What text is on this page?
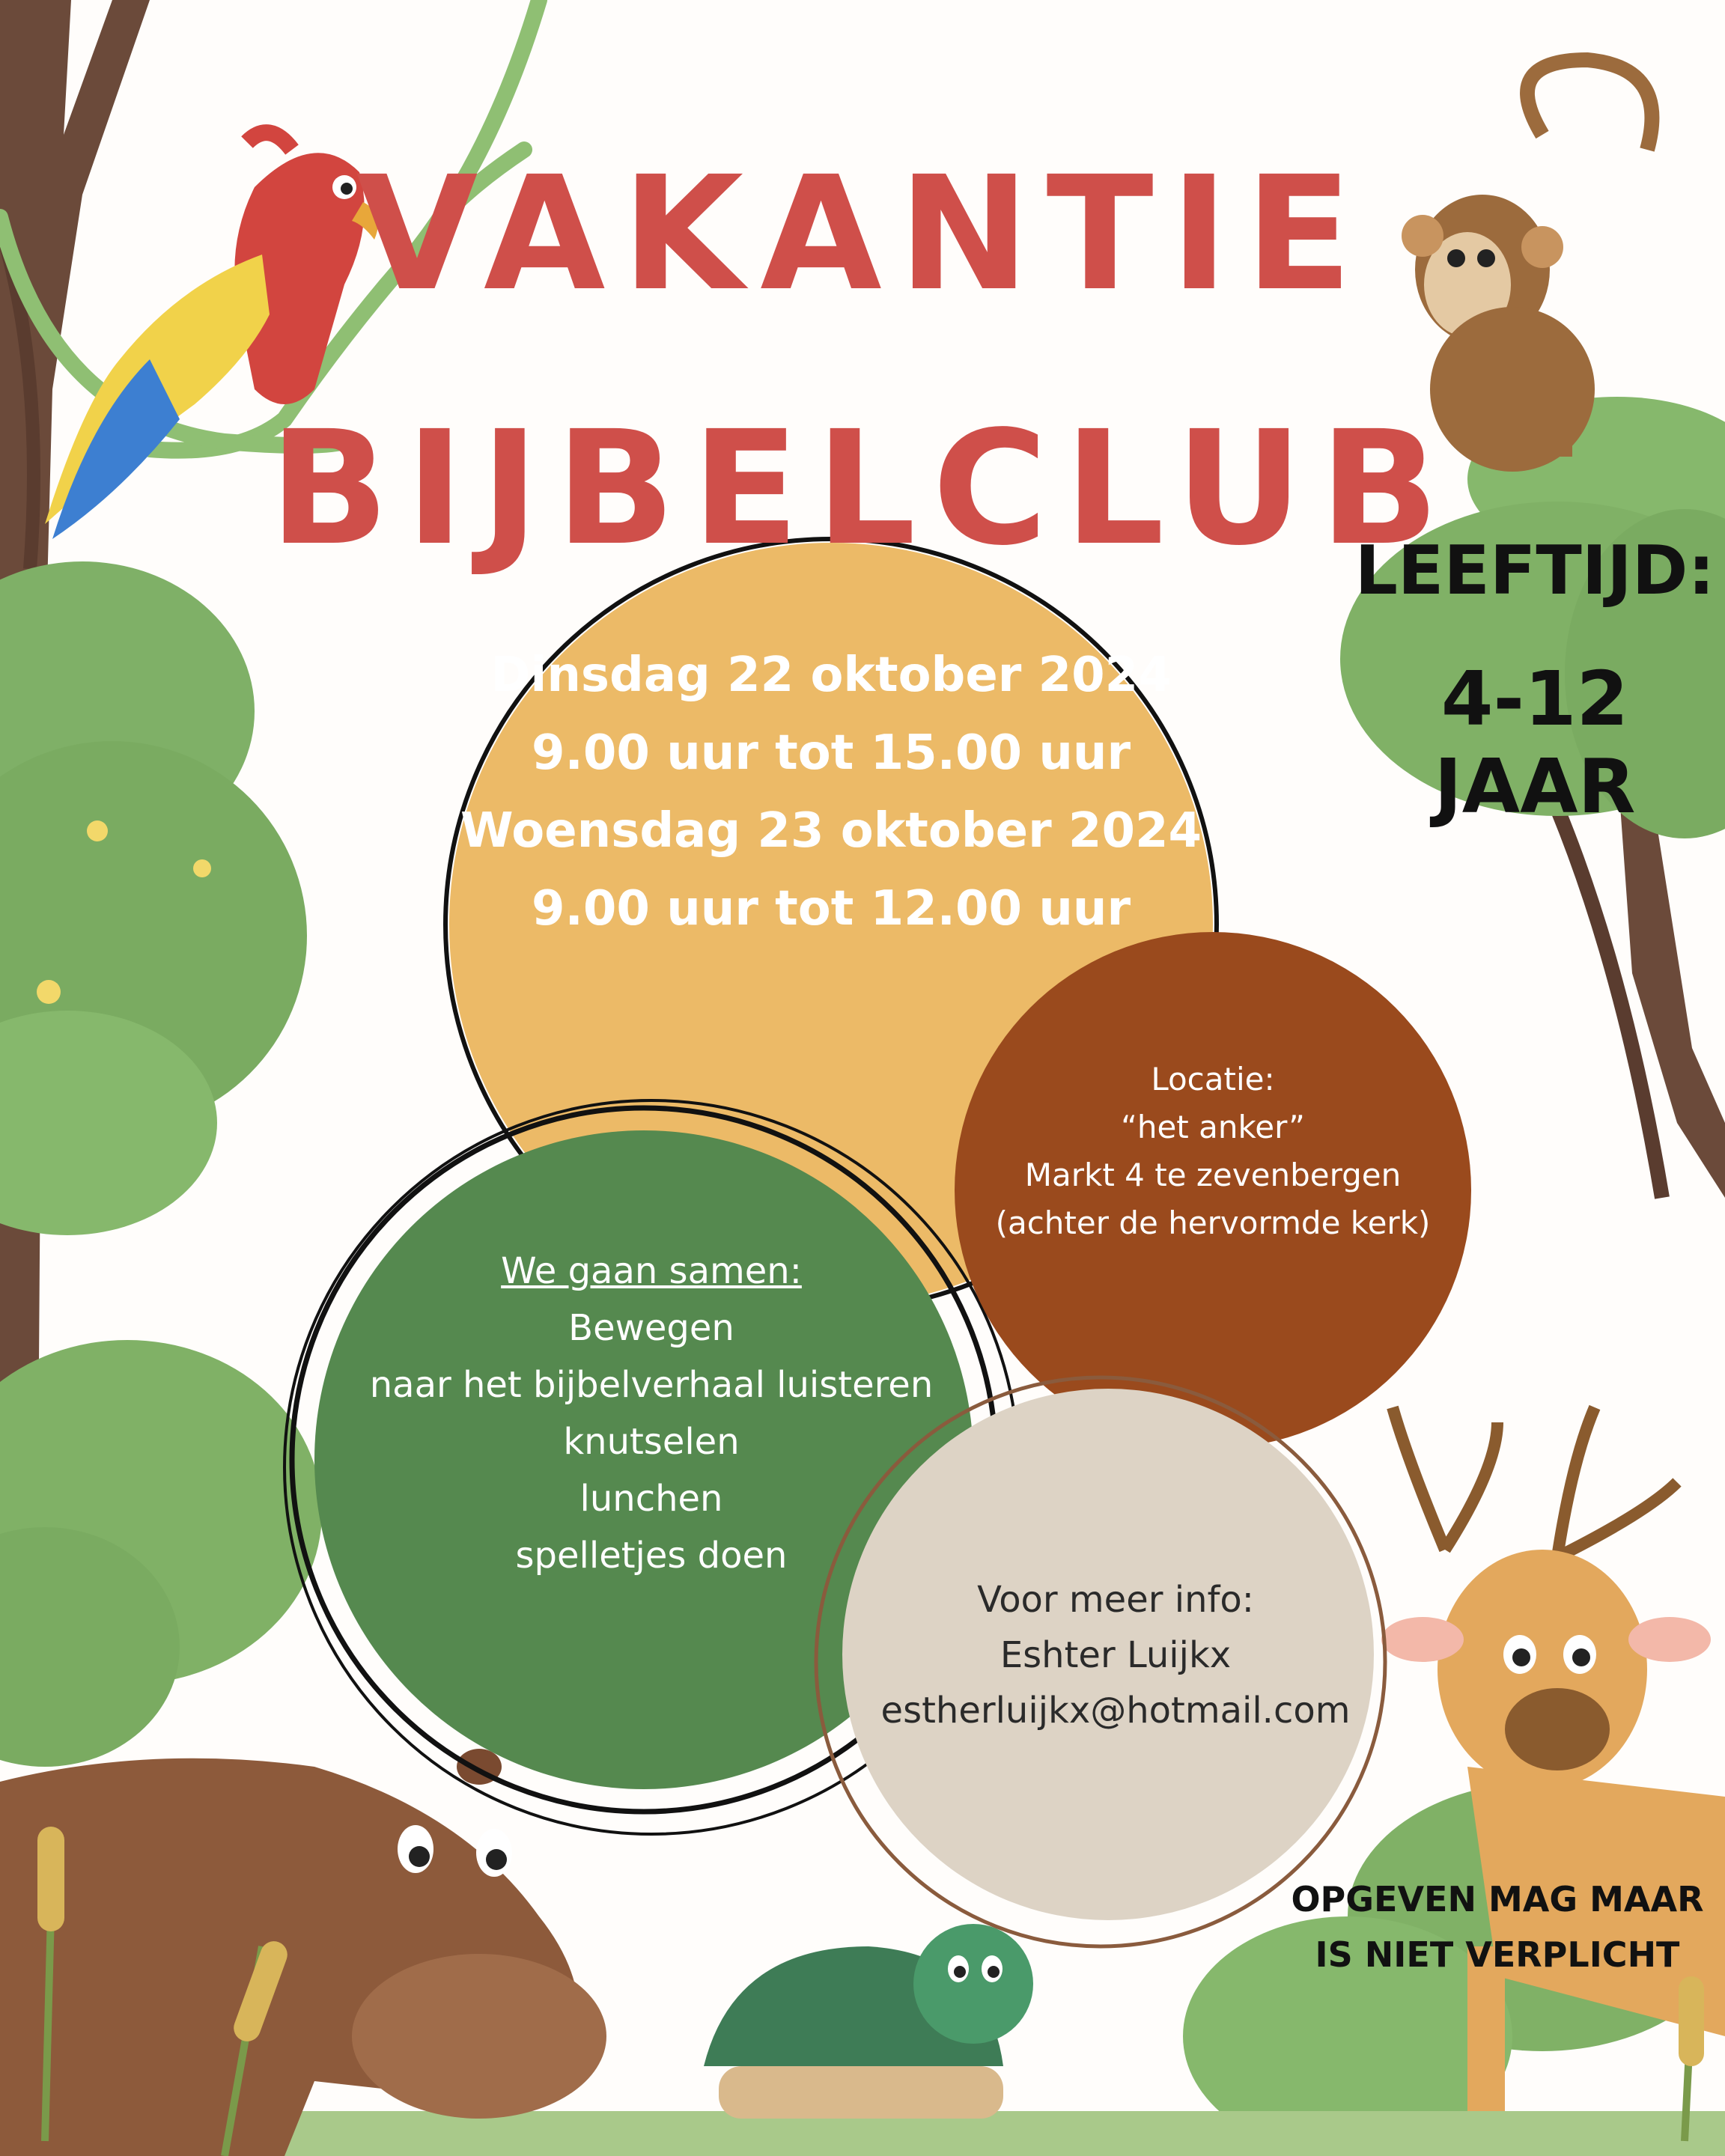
VAKANTIE
BIJBELCLUB
LEEFTIJD:
4-12 JAAR
Dinsdag 22 oktober 2024
9.00 uur tot 15.00 uur
Woensdag 23 oktober 2024
9.00 uur tot 12.00 uur
Locatie:
“het anker”
Markt 4 te zevenbergen
(achter de hervormde kerk)
We gaan samen:
Bewegen
naar het bijbelverhaal luisteren
knutselen
lunchen
spelletjes doen
Voor meer info:
Eshter Luijkx
estherluijkx@hotmail.com
OPGEVEN MAG MAAR
IS NIET VERPLICHT
